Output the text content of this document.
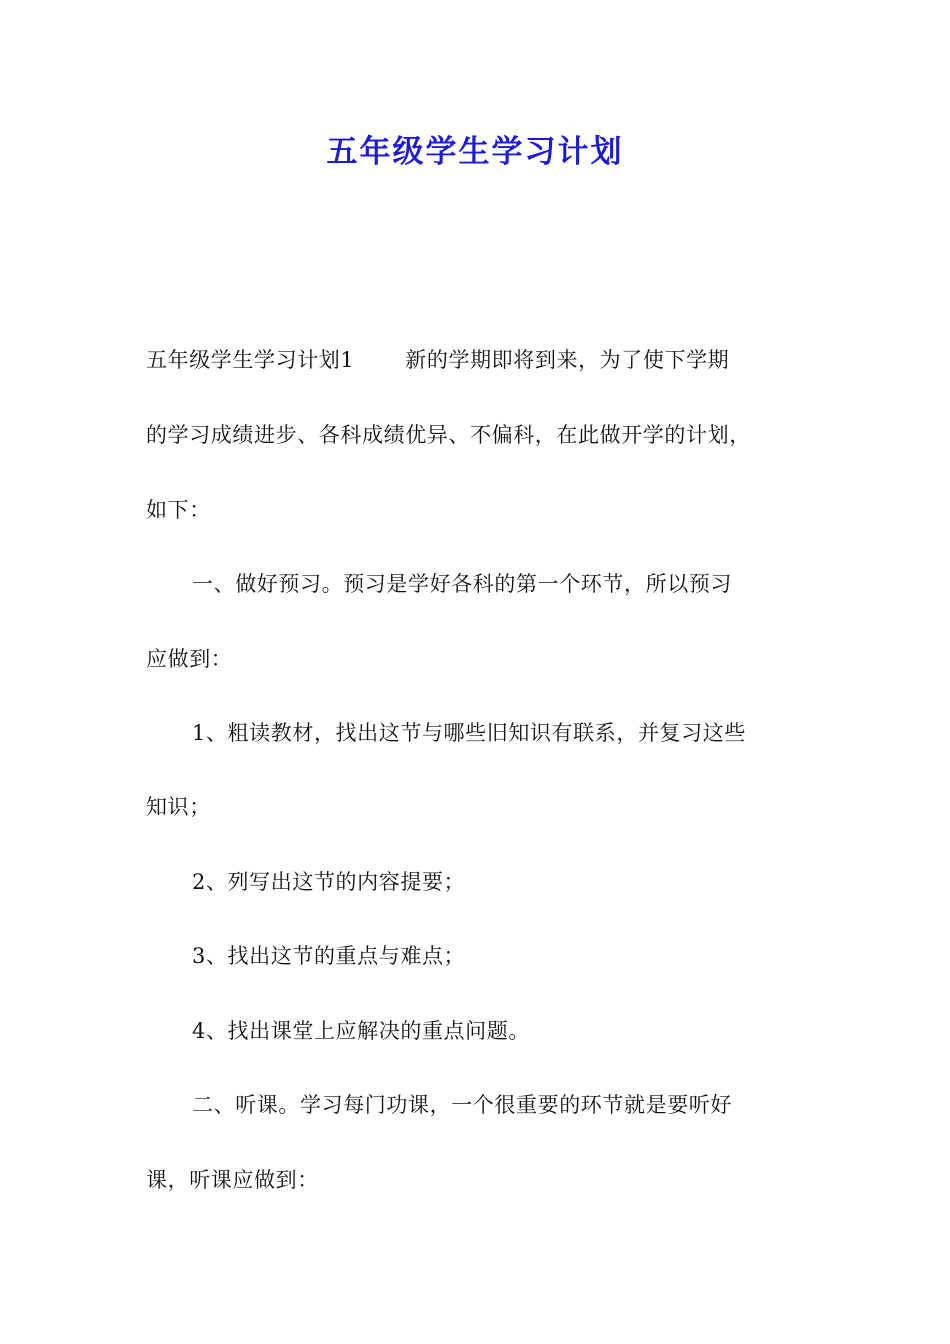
五年级学生学习计划
五年级学生学习计划1       新的学期即将到来，为了使下学期
的学习成绩进步、各科成绩优异、不偏科，在此做开学的计划，
如下：
一、做好预习。预习是学好各科的第一个环节，所以预习
应做到：
1、粗读教材，找出这节与哪些旧知识有联系，并复习这些
知识；
2、列写出这节的内容提要；
3、找出这节的重点与难点；
4、找出课堂上应解决的重点问题。
二、听课。学习每门功课，一个很重要的环节就是要听好
课，听课应做到：
